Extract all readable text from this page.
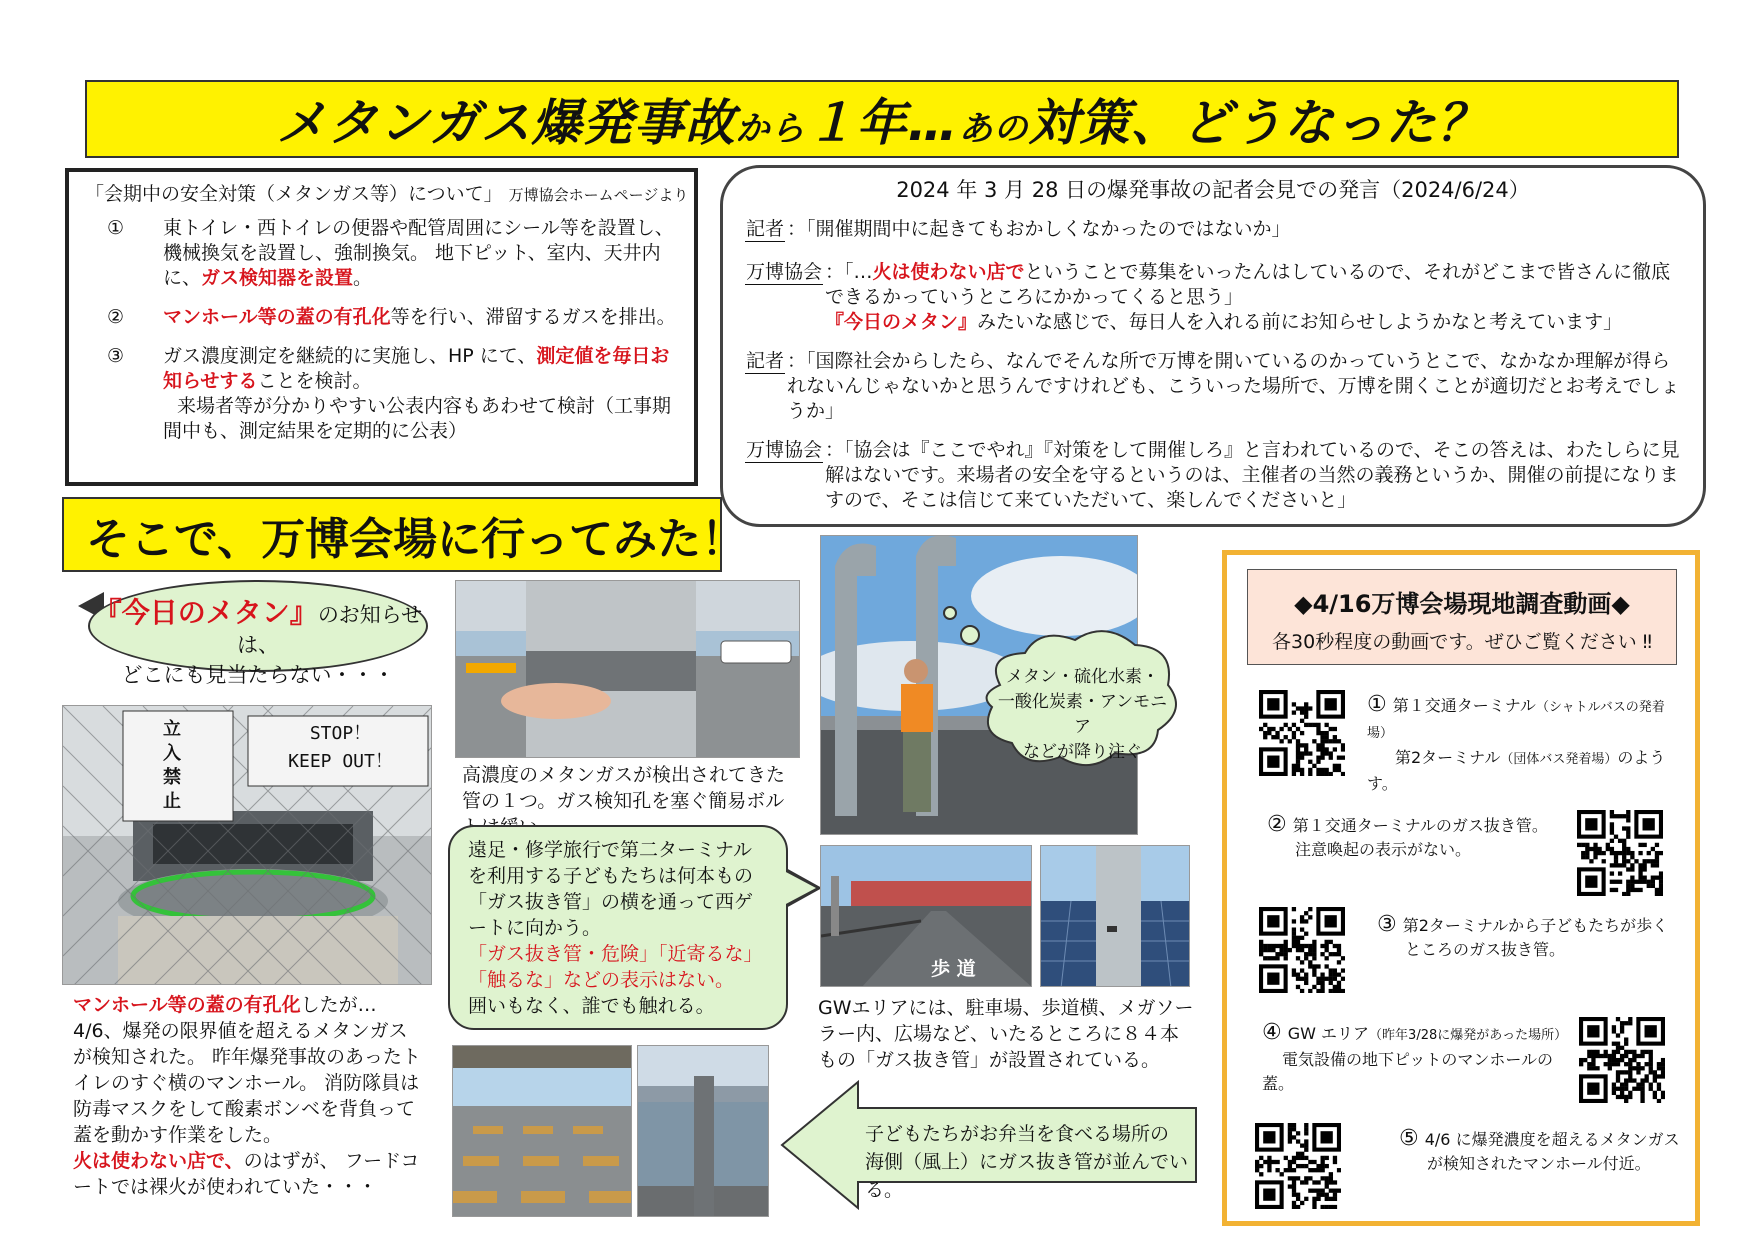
メタンガス爆発事故から１年…あの対策、どうなった？
「会期中の安全対策（メタンガス等）について」 万博協会ホームページより
①	東トイレ・西トイレの便器や配管周囲にシール等を設置し、機械換気を設置し、強制換気。 地下ピット、室内、天井内に、ガス検知器を設置。
②	マンホール等の蓋の有孔化等を行い、滞留するガスを排出。
③	ガス濃度測定を継続的に実施し、HP にて、測定値を毎日お知らせすることを検討。
来場者等が分かりやすい公表内容もあわせて検討（工事期間中も、測定結果を定期的に公表）
2024 年 3 月 28 日の爆発事故の記者会見での発言（2024/6/24）
記者 ：「開催期間中に起きてもおかしくなかったのではないか」
万博協会 ：「…火は使わない店でということで募集をいったんはしているので、それがどこまで皆さんに徹底できるかっていうところにかかってくると思う」
『今日のメタン』みたいな感じで、毎日人を入れる前にお知らせしようかなと考えています」
記者 ：「国際社会からしたら、なんでそんな所で万博を開いているのかっていうとこで、なかなか理解が得られないんじゃないかと思うんですけれども、こういった場所で、万博を開くことが適切だとお考えでしょうか」
万博協会 ：「協会は『ここでやれ』『対策をして開催しろ』と言われているので、そこの答えは、わたしらに見解はないです。来場者の安全を守るというのは、主催者の当然の義務というか、開催の前提になりますので、そこは信じて来ていただいて、楽しんでくださいと」
そこで、万博会場に行ってみた！
『今日のメタン』のお知らせは、
どこにも見当たらない・・・
立入禁止
STOP！
KEEP OUT！
マンホール等の蓋の有孔化したが…
4/6、爆発の限界値を超えるメタンガスが検知された。 昨年爆発事故のあったトイレのすぐ横のマンホール。 消防隊員は防毒マスクをして酸素ボンベを背負って蓋を動かす作業をした。
火は使わない店で、のはずが、 フードコートでは裸火が使われていた・・・
高濃度のメタンガスが検出されてきた管の１つ。ガス検知孔を塞ぐ簡易ボル
メタン・硫化水素・
一酸化炭素・アンモニア
などが降り注ぐ
遠足・修学旅行で第二ターミナルを利用する子どもたちは何本もの「ガス抜き管」の横を通って西ゲートに向かう。
「ガス抜き管・危険」「近寄るな」「触るな」などの表示はない。
囲いもなく、誰でも触れる。
歩 道
GWエリアには、駐車場、歩道横、メガソーラー内、広場など、いたるところに８４本もの「ガス抜き管」が設置されている。
子どもたちがお弁当を食べる場所の
海側（風上）にガス抜き管が並んでいる。
◆4/16万博会場現地調査動画◆
各30秒程度の動画です。ぜひご覧ください ‼
① 第１交通ターミナル（シャトルバスの発着場）
第2ターミナル（団体バス発着場）のようす。
② 第１交通ターミナルのガス抜き管。
注意喚起の表示がない。
③ 第2ターミナルから子どもたちが歩く
ところのガス抜き管。
④ GW エリア（昨年3/28に爆発があった場所）
電気設備の地下ピットのマンホールの蓋。
⑤ 4/6 に爆発濃度を超えるメタンガス
が検知されたマンホール付近。
